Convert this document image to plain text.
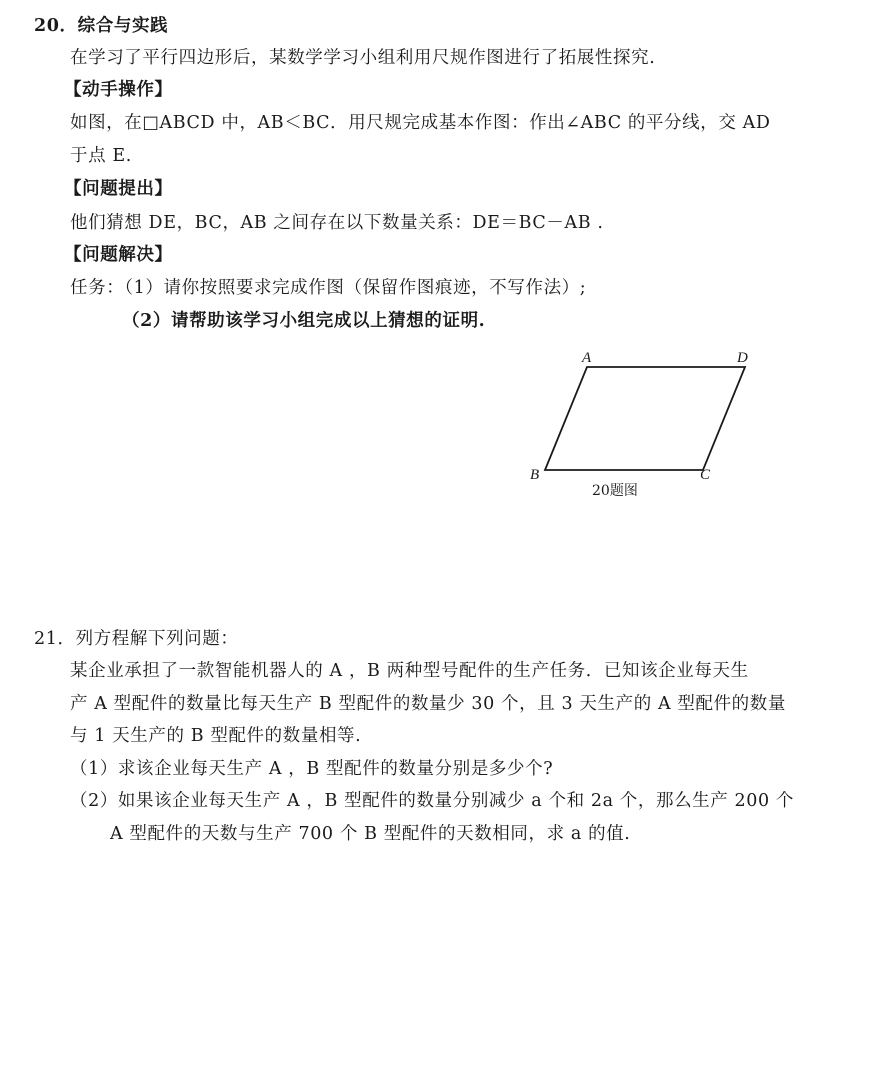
20．综合与实践
在学习了平行四边形后，某数学学习小组利用尺规作图进行了拓展性探究.
【动手操作】
如图，在□ABCD 中，AB＜BC．用尺规完成基本作图：作出∠ABC 的平分线，交 AD
于点 E.
【问题提出】
他们猜想 DE，BC，AB 之间存在以下数量关系：DE＝BC－AB .
【问题解决】
任务：（1）请你按照要求完成作图（保留作图痕迹，不写作法）;
（2）请帮助该学习小组完成以上猜想的证明.
A	D
B	C
20题图
21．列方程解下列问题：
某企业承担了一款智能机器人的 A ，B 两种型号配件的生产任务．已知该企业每天生
产 A 型配件的数量比每天生产 B 型配件的数量少 30 个，且 3 天生产的 A 型配件的数量
与 1 天生产的 B 型配件的数量相等.
（1）求该企业每天生产 A ，B 型配件的数量分别是多少个?
（2）如果该企业每天生产 A ，B 型配件的数量分别减少 a 个和 2a 个，那么生产 200 个
A 型配件的天数与生产 700 个 B 型配件的天数相同，求 a 的值.
